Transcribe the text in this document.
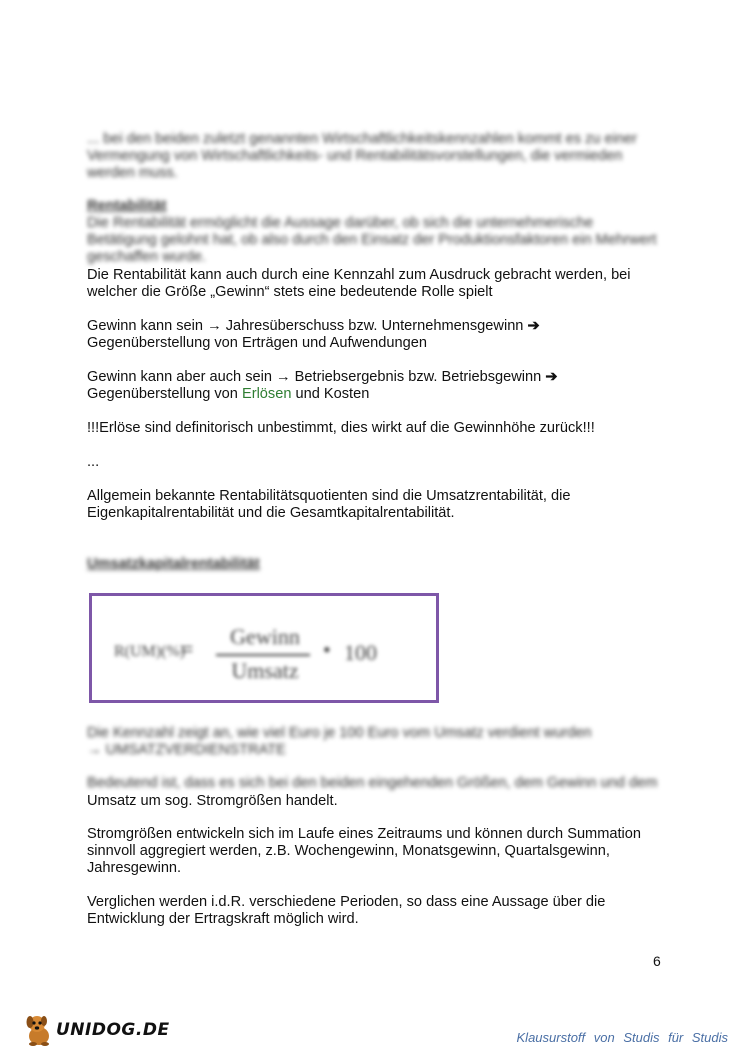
... bei den beiden zuletzt genannten Wirtschaftlichkeitskennzahlen kommt es zu einer Vermengung von Wirtschaftlichkeits- und Rentabilitätsvorstellungen, die vermieden werden muss.
Rentabilität
Die Rentabilität ermöglicht die Aussage darüber, ob sich die unternehmerische Betätigung gelohnt hat, ob also durch den Einsatz der Produktionsfaktoren ein Mehrwert geschaffen wurde.
Die Rentabilität kann auch durch eine Kennzahl zum Ausdruck gebracht werden, bei welcher die Größe „Gewinn“ stets eine bedeutende Rolle spielt
Gewinn kann sein → Jahresüberschuss bzw. Unternehmensgewinn ➔
Gegenüberstellung von Erträgen und Aufwendungen
Gewinn kann aber auch sein → Betriebsergebnis bzw. Betriebsgewinn ➔
Gegenüberstellung von Erlösen und Kosten
!!!Erlöse sind definitorisch unbestimmt, dies wirkt auf die Gewinnhöhe zurück!!!
...
Allgemein bekannte Rentabilitätsquotienten sind die Umsatzrentabilität, die Eigenkapitalrentabilität und die Gesamtkapitalrentabilität.
Umsatzkapitalrentabilität
R(UM)(%)
=
Gewinn
Umsatz
• 100
Die Kennzahl zeigt an, wie viel Euro je 100 Euro vom Umsatz verdient wurden
→ UMSATZVERDIENSTRATE
Bedeutend ist, dass es sich bei den beiden eingehenden Größen, dem Gewinn und dem
Umsatz um sog. Stromgrößen handelt.
Stromgrößen entwickeln sich im Laufe eines Zeitraums und können durch Summation sinnvoll aggregiert werden, z.B. Wochengewinn, Monatsgewinn, Quartalsgewinn, Jahresgewinn.
Verglichen werden i.d.R. verschiedene Perioden, so dass eine Aussage über die Entwicklung der Ertragskraft möglich wird.
6
UNIDOG.DE	Klausurstoff von Studis für Studis
